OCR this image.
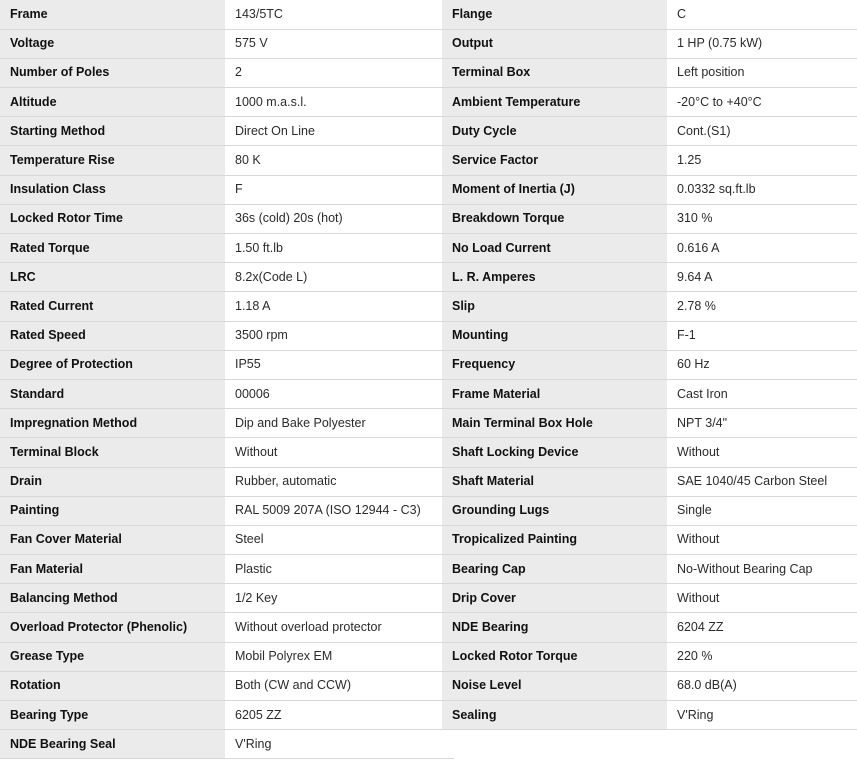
Frame	143/5TC
Voltage	575 V
Number of Poles	2
Altitude	1000 m.a.s.l.
Starting Method	Direct On Line
Temperature Rise	80 K
Insulation Class	F
Locked Rotor Time	36s (cold) 20s (hot)
Rated Torque	1.50 ft.lb
LRC	8.2x(Code L)
Rated Current	1.18 A
Rated Speed	3500 rpm
Degree of Protection	IP55
Standard	00006
Impregnation Method	Dip and Bake Polyester
Terminal Block	Without
Drain	Rubber, automatic
Painting	RAL 5009 207A (ISO 12944 - C3)
Fan Cover Material	Steel
Fan Material	Plastic
Balancing Method	1/2 Key
Overload Protector (Phenolic)	Without overload protector
Grease Type	Mobil Polyrex EM
Rotation	Both (CW and CCW)
Bearing Type	6205 ZZ
NDE Bearing Seal	V'Ring
Flange	C
Output	1 HP (0.75 kW)
Terminal Box	Left position
Ambient Temperature	-20°C to +40°C
Duty Cycle	Cont.(S1)
Service Factor	1.25
Moment of Inertia (J)	0.0332 sq.ft.lb
Breakdown Torque	310 %
No Load Current	0.616 A
L. R. Amperes	9.64 A
Slip	2.78 %
Mounting	F-1
Frequency	60 Hz
Frame Material	Cast Iron
Main Terminal Box Hole	NPT 3/4"
Shaft Locking Device	Without
Shaft Material	SAE 1040/45 Carbon Steel
Grounding Lugs	Single
Tropicalized Painting	Without
Bearing Cap	No-Without Bearing Cap
Drip Cover	Without
NDE Bearing	6204 ZZ
Locked Rotor Torque	220 %
Noise Level	68.0 dB(A)
Sealing	V'Ring
